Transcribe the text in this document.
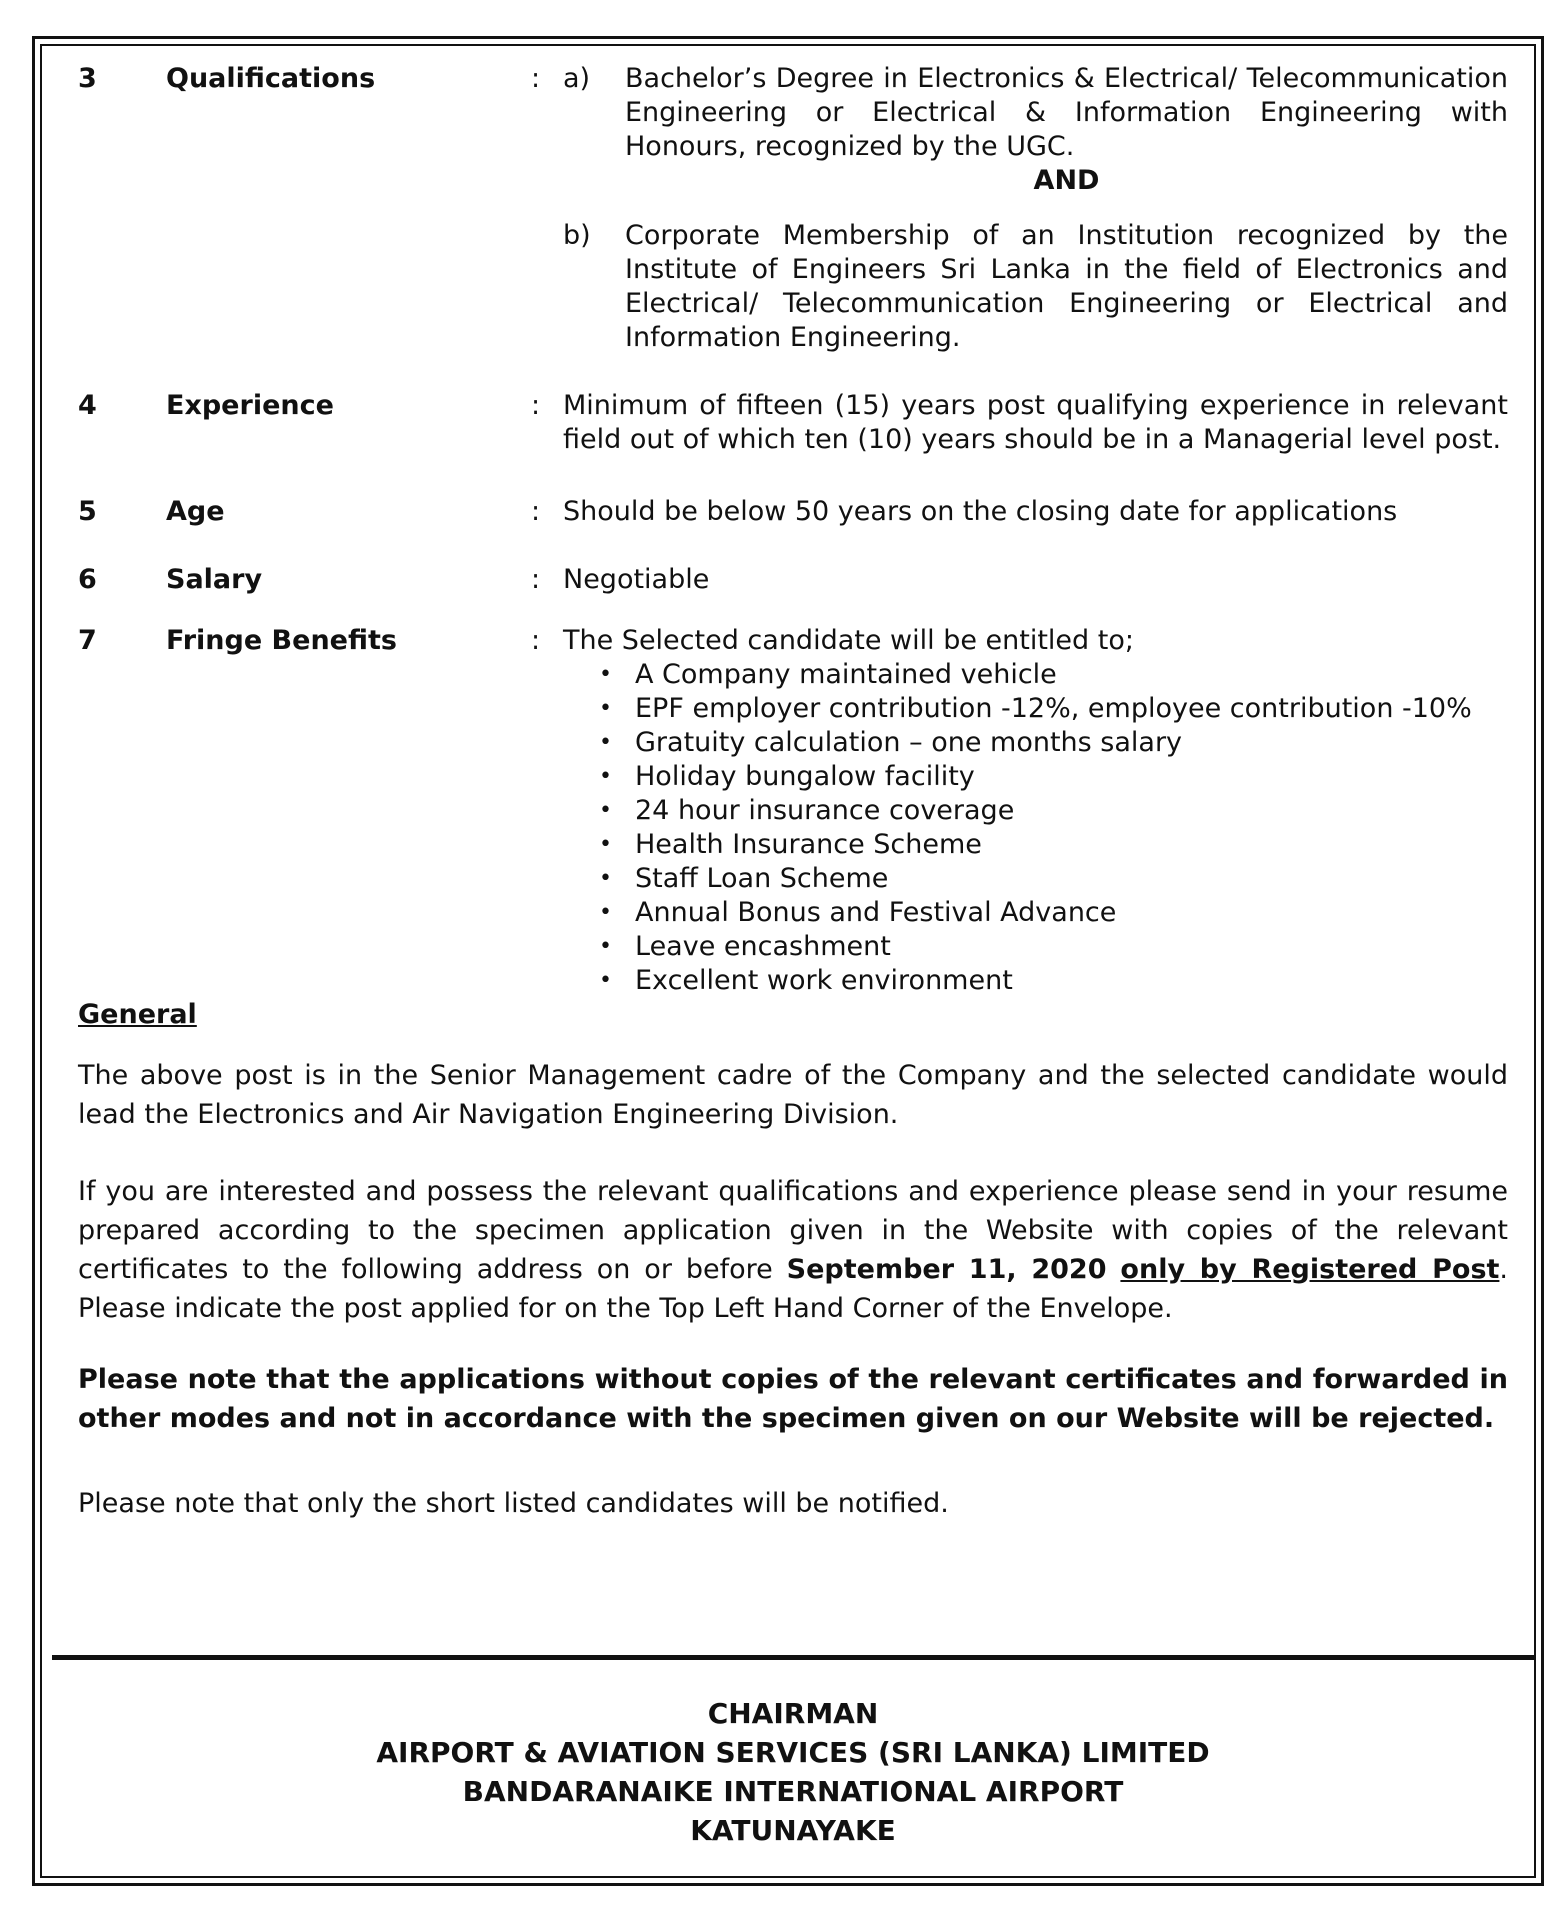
3	Qualifications	: a)	Bachelor’s Degree in Electronics & Electrical/ Telecommunication Engineering or Electrical & Information Engineering with Honours, recognized by the UGC.
AND
b)	Corporate Membership of an Institution recognized by the Institute of Engineers Sri Lanka in the field of Electronics and Electrical/ Telecommunication Engineering or Electrical and Information Engineering.
4	Experience	: Minimum of fifteen (15) years post qualifying experience in relevant field out of which ten (10) years should be in a Managerial level post.
5	Age	: Should be below 50 years on the closing date for applications
6	Salary	: Negotiable
7	Fringe Benefits	: The Selected candidate will be entitled to;
• A Company maintained vehicle
• EPF employer contribution -12%, employee contribution -10%
• Gratuity calculation – one months salary
• Holiday bungalow facility
• 24 hour insurance coverage
• Health Insurance Scheme
• Staff Loan Scheme
• Annual Bonus and Festival Advance
• Leave encashment
• Excellent work environment
General
The above post is in the Senior Management cadre of the Company and the selected candidate would lead the Electronics and Air Navigation Engineering Division.
If you are interested and possess the relevant qualifications and experience please send in your resume prepared according to the specimen application given in the Website with copies of the relevant certificates to the following address on or before September 11, 2020 only by Registered Post. Please indicate the post applied for on the Top Left Hand Corner of the Envelope.
Please note that the applications without copies of the relevant certificates and forwarded in other modes and not in accordance with the specimen given on our Website will be rejected.
Please note that only the short listed candidates will be notified.
CHAIRMAN
AIRPORT & AVIATION SERVICES (SRI LANKA) LIMITED
BANDARANAIKE INTERNATIONAL AIRPORT
KATUNAYAKE
